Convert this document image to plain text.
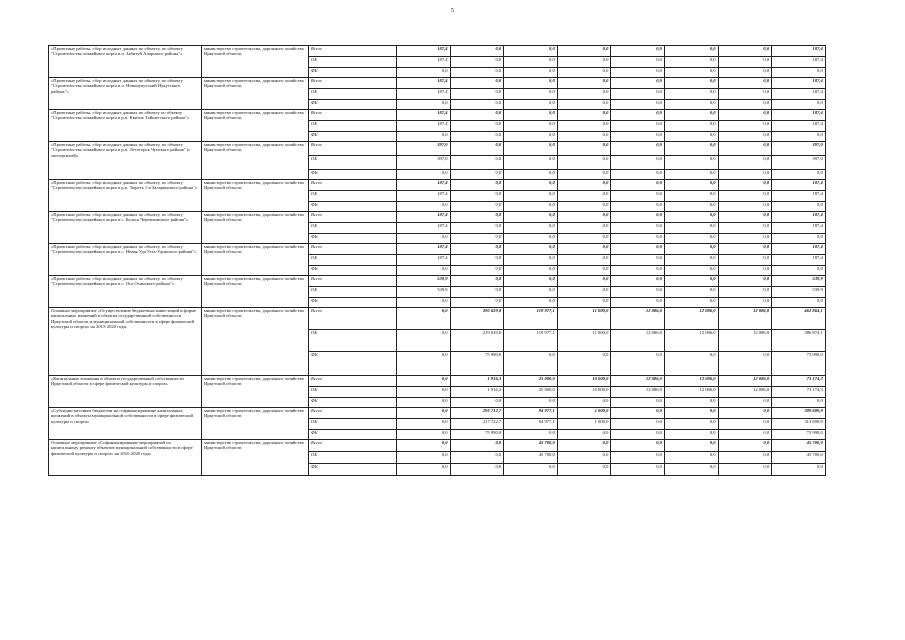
5
«Проектные работы, сбор исходных данных по объекту, по объекту "Строительство хоккейного корта в п. Забитуй Аларского района"»	министерство строительства, дорожного хозяйства Иркутской области	Всего	187,4	0,0	0,0	0,0	0,0	0,0	0,0	187,4
		ОБ	187,4	0,0	0,0	0,0	0,0	0,0	0,0	187,4
		ФБ	0,0	0,0	0,0	0,0	0,0	0,0	0,0	0,0
«Проектные работы, сбор исходных данных по объекту, по объекту "Строительство хоккейного корта в п. Новонукутский Нукутского района"»	министерство строительства, дорожного хозяйства Иркутской области	Всего	187,4	0,0	0,0	0,0	0,0	0,0	0,0	187,4
		ОБ	187,4	0,0	0,0	0,0	0,0	0,0	0,0	187,4
		ФБ	0,0	0,0	0,0	0,0	0,0	0,0	0,0	0,0
«Проектные работы, сбор исходных данных по объекту по объекту "Строительство хоккейного корта в р.п. Квиток Тайшетского района"»	министерство строительства, дорожного хозяйства Иркутской области	Всего	187,4	0,0	0,0	0,0	0,0	0,0	0,0	187,4
		ОБ	187,4	0,0	0,0	0,0	0,0	0,0	0,0	187,4
		ФБ	0,0	0,0	0,0	0,0	0,0	0,0	0,0	0,0
«Проектные работы, сбор исходных данных по объекту, по объекту "Строительство хоккейного корта в р.п. Лесогорск Чунского района" (с экспертизой)»	министерство строительства, дорожного хозяйства Иркутской области	Всего	397,0	0,0	0,0	0,0	0,0	0,0	0,0	397,0
		ОБ	397,0	0,0	0,0	0,0	0,0	0,0	0,0	397,0
		ФБ	0,0	0,0	0,0	0,0	0,0	0,0	0,0	0,0
«Проектные работы, сбор исходных данных по объекту, по объекту "Строительство хоккейного корта в р.п. Тыреть 1-я Заларинского района"»	министерство строительства, дорожного хозяйства Иркутской области	Всего	187,4	0,0	0,0	0,0	0,0	0,0	0,0	187,4
		ОБ	187,4	0,0	0,0	0,0	0,0	0,0	0,0	187,4
		ФБ	0,0	0,0	0,0	0,0	0,0	0,0	0,0	0,0
«Проектные работы, сбор исходных данных по объекту, по объекту "Строительство хоккейного корта в с. Бельск Черемховского района"»	министерство строительства, дорожного хозяйства Иркутской области	Всего	187,4	0,0	0,0	0,0	0,0	0,0	0,0	187,4
		ОБ	187,4	0,0	0,0	0,0	0,0	0,0	0,0	187,4
		ФБ	0,0	0,0	0,0	0,0	0,0	0,0	0,0	0,0
«Проектные работы, сбор исходных данных по объекту, по объекту "Строительство хоккейного корта в с. Новая Уда Усть-Удинского района"»	министерство строительства, дорожного хозяйства Иркутской области	Всего	187,4	0,0	0,0	0,0	0,0	0,0	0,0	187,4
		ОБ	187,4	0,0	0,0	0,0	0,0	0,0	0,0	187,4
		ФБ	0,0	0,0	0,0	0,0	0,0	0,0	0,0	0,0
«Проектные работы, сбор исходных данных по объекту, по объекту "Строительство хоккейного корта в с. Оса Осинского района"»	министерство строительства, дорожного хозяйства Иркутской области	Всего	539,9	0,0	0,0	0,0	0,0	0,0	0,0	539,9
		ОБ	539,9	0,0	0,0	0,0	0,0	0,0	0,0	539,9
		ФБ	0,0	0,0	0,0	0,0	0,0	0,0	0,0	0,0
Основное мероприятие «Осуществление бюджетных инвестиций в форме капитальных вложений в объекты государственной собственности Иркутской области и муниципальной собственности в сфере физической культуры и спорта» на 2015-2020 годы	министерство строительства, дорожного хозяйства Иркутской области	Всего	0,0	295 629,0	119 977,1	11 000,0	12 086,0	12 086,0	12 086,0	462 864,1
		ОБ	0,0	219 639,0	119 977,1	11 000,0	12 086,0	12 086,0	12 086,0	386 874,1
		ФБ	0,0	75 990,0	0,0	0,0	0,0	0,0	0,0	75 990,0
«Капитальные вложения в объекты государственной собственности Иркутской области в сфере физической культуры и спорта»	министерство строительства, дорожного хозяйства Иркутской области	Всего	0,0	1 916,3	25 000,0	10 000,0	12 086,0	12 086,0	12 086,0	73 174,3
		ОБ	0,0	1 916,3	25 000,0	10 000,0	12 086,0	12 086,0	12 086,0	73 174,3
		ФБ	0,0	0,0	0,0	0,0	0,0	0,0	0,0	0,0
«Субсидии местным бюджетам на софинансирование капитальных вложений в объекты муниципальной собственности в сфере физической культуры и спорта»	министерство строительства, дорожного хозяйства Иркутской области	Всего	0,0	293 712,7	94 977,1	1 000,0	0,0	0,0	0,0	389 689,8
		ОБ	0,0	217 722,7	94 977,1	1 000,0	0,0	0,0	0,0	313 699,8
		ФБ	0,0	75 990,0	0,0	0,0	0,0	0,0	0,0	75 990,0
Основное мероприятие «Софинансирование мероприятий по капитальному ремонту объектов муниципальной собственности в сфере физической культуры и спорта» на 2016-2020 годы	министерство строительства, дорожного хозяйства Иркутской области	Всего	0,0	0,0	45 700,0	0,0	0,0	0,0	0,0	45 700,0
		ОБ	0,0	0,0	45 700,0	0,0	0,0	0,0	0,0	45 700,0
		ФБ	0,0	0,0	0,0	0,0	0,0	0,0	0,0	0,0
